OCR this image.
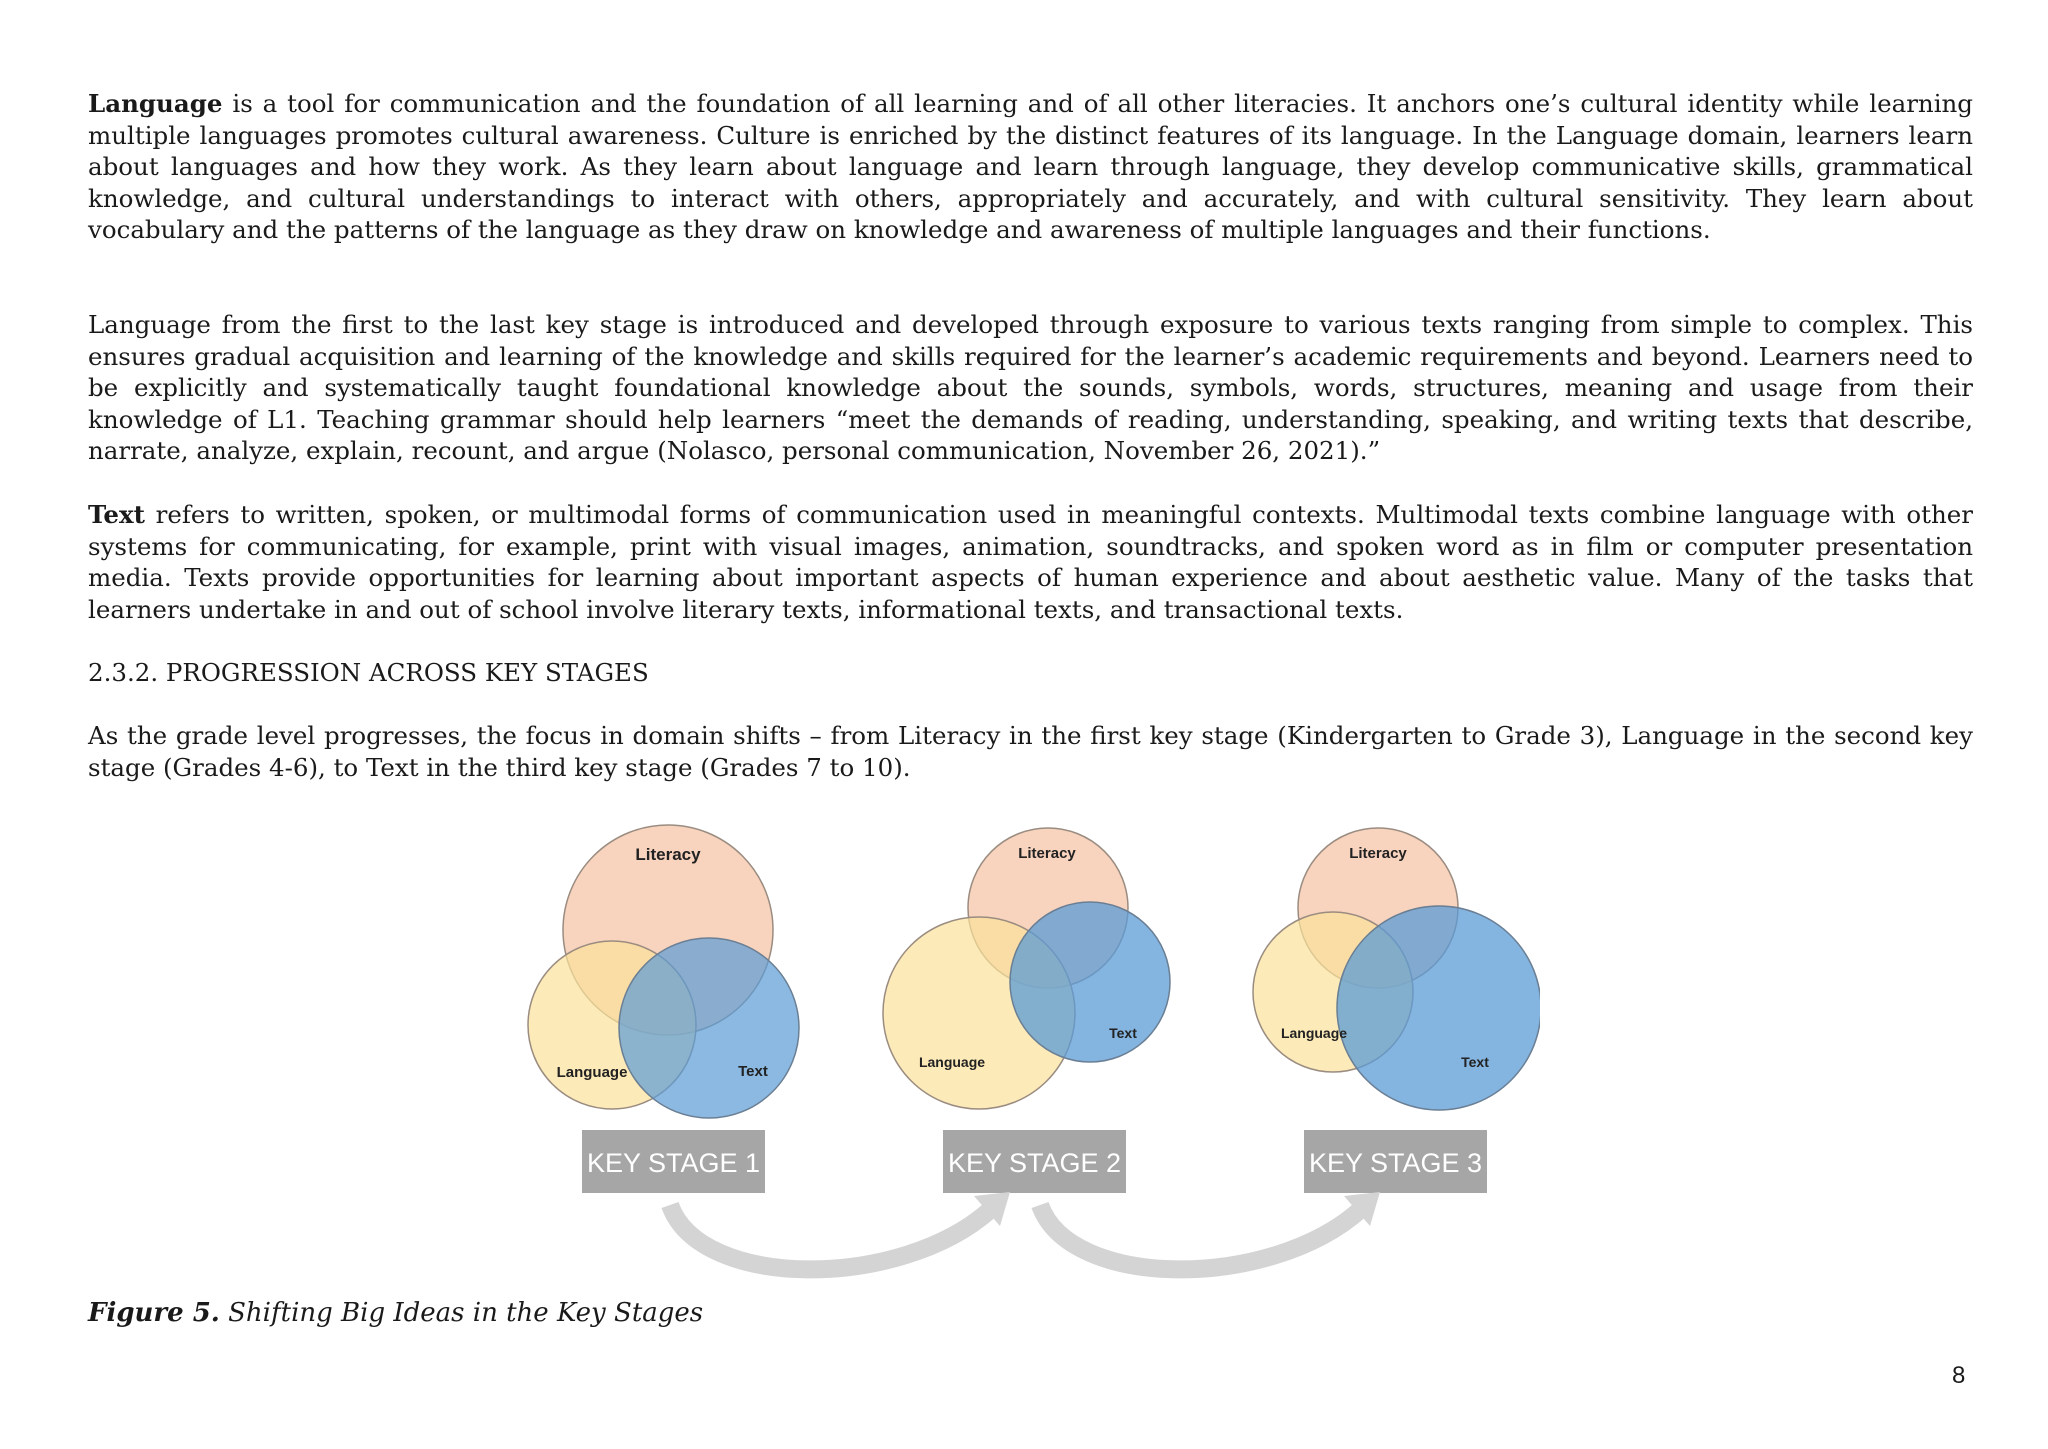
Language is a tool for communication and the foundation of all learning and of all other literacies. It anchors one’s cultural identity while learning multiple languages promotes cultural awareness. Culture is enriched by the distinct features of its language. In the Language domain, learners learn about languages and how they work. As they learn about language and learn through language, they develop communicative skills, grammatical knowledge, and cultural understandings to interact with others, appropriately and accurately, and with cultural sensitivity. They learn about vocabulary and the patterns of the language as they draw on knowledge and awareness of multiple languages and their functions.

Language from the first to the last key stage is introduced and developed through exposure to various texts ranging from simple to complex. This ensures gradual acquisition and learning of the knowledge and skills required for the learner’s academic requirements and beyond. Learners need to be explicitly and systematically taught foundational knowledge about the sounds, symbols, words, structures, meaning and usage from their knowledge of L1. Teaching grammar should help learners “meet the demands of reading, understanding, speaking, and writing texts that describe, narrate, analyze, explain, recount, and argue (Nolasco, personal communication, November 26, 2021).”

Text refers to written, spoken, or multimodal forms of communication used in meaningful contexts. Multimodal texts combine language with other systems for communicating, for example, print with visual images, animation, soundtracks, and spoken word as in film or computer presentation media. Texts provide opportunities for learning about important aspects of human experience and about aesthetic value. Many of the tasks that learners undertake in and out of school involve literary texts, informational texts, and transactional texts.

2.3.2. PROGRESSION ACROSS KEY STAGES

As the grade level progresses, the focus in domain shifts – from Literacy in the first key stage (Kindergarten to Grade 3), Language in the second key stage (Grades 4-6), to Text in the third key stage (Grades 7 to 10).

Literacy
Language	Text
Literacy
Language
Text
Literacy
Language
Text
KEY STAGE 1	KEY STAGE 2	KEY STAGE 3

Figure 5. Shifting Big Ideas in the Key Stages

8
